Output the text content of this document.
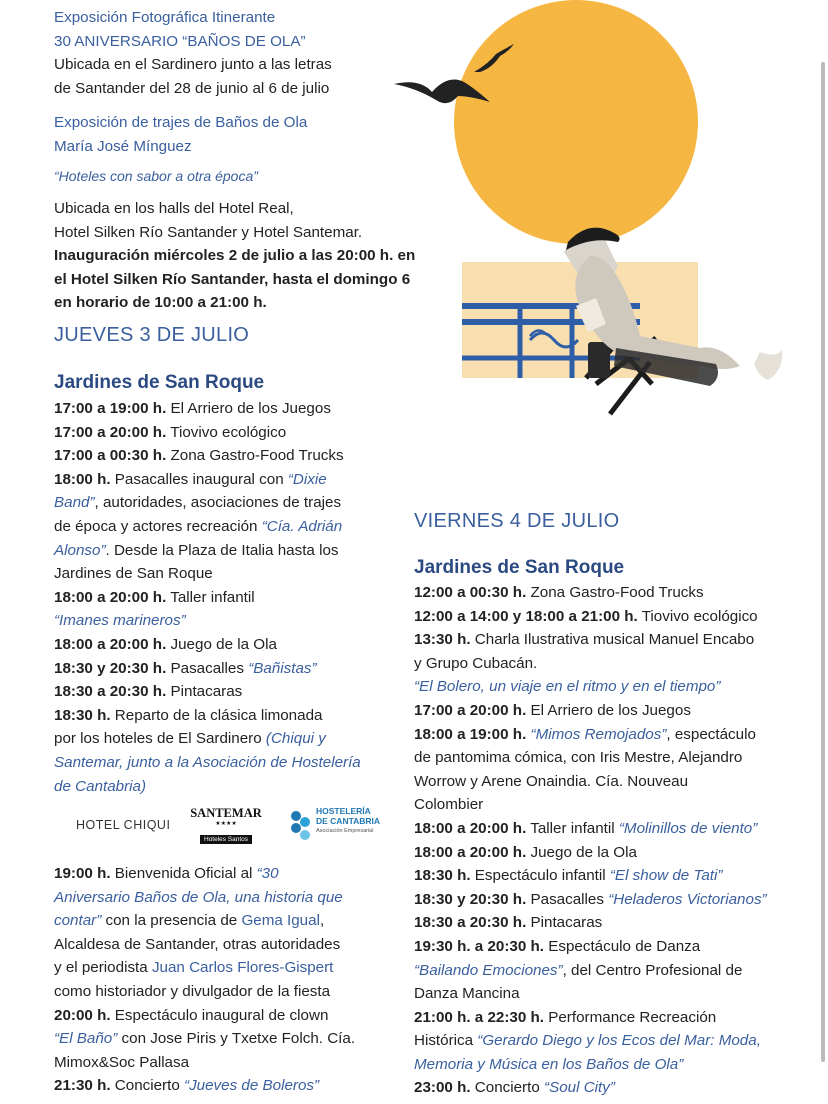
Exposición Fotográfica Itinerante
30 ANIVERSARIO “BAÑOS DE OLA”
Ubicada en el Sardinero junto a las letras
de Santander del 28 de junio al 6 de julio
Exposición de trajes de Baños de Ola
María José Mínguez
“Hoteles con sabor a otra época”
Ubicada en los halls del Hotel Real,
Hotel Silken Río Santander y Hotel Santemar.
Inauguración miércoles 2 de julio a las 20:00 h. en
el Hotel Silken Río Santander, hasta el domingo 6
en horario de 10:00 a 21:00 h.
JUEVES 3 DE JULIO
Jardines de San Roque
17:00 a 19:00 h. El Arriero de los Juegos
17:00 a 20:00 h. Tiovivo ecológico
17:00 a 00:30 h. Zona Gastro-Food Trucks
18:00 h. Pasacalles inaugural con “Dixie
Band”, autoridades, asociaciones de trajes
de época y actores recreación “Cía. Adrián
Alonso”. Desde la Plaza de Italia hasta los
Jardines de San Roque
18:00 a 20:00 h. Taller infantil
“Imanes marineros”
18:00 a 20:00 h. Juego de la Ola
18:30 y 20:30 h. Pasacalles “Bañistas”
18:30 a 20:30 h. Pintacaras
18:30 h. Reparto de la clásica limonada
por los hoteles de El Sardinero (Chiqui y
Santemar, junto a la Asociación de Hostelería
de Cantabria)
HOTEL CHIQUI
SANTEMAR
★★★★
Hoteles Santos
HOSTELERÍA
DE CANTABRIA
Asociación Empresarial
19:00 h. Bienvenida Oficial al “30
Aniversario Baños de Ola, una historia que
contar” con la presencia de Gema Igual,
Alcaldesa de Santander, otras autoridades
y el periodista Juan Carlos Flores-Gispert
como historiador y divulgador de la fiesta
20:00 h. Espectáculo inaugural de clown
“El Baño” con Jose Piris y Txetxe Folch. Cía.
Mimox&Soc Pallasa
21:30 h. Concierto “Jueves de Boleros”
VIERNES 4 DE JULIO
Jardines de San Roque
12:00 a 00:30 h. Zona Gastro-Food Trucks
12:00 a 14:00 y 18:00 a 21:00 h. Tiovivo ecológico
13:30 h. Charla Ilustrativa musical Manuel Encabo
y Grupo Cubacán.
“El Bolero, un viaje en el ritmo y en el tiempo”
17:00 a 20:00 h. El Arriero de los Juegos
18:00 a 19:00 h. “Mimos Remojados”, espectáculo
de pantomima cómica, con Iris Mestre, Alejandro
Worrow y Arene Onaindia. Cía. Nouveau
Colombier
18:00 a 20:00 h. Taller infantil “Molinillos de viento”
18:00 a 20:00 h. Juego de la Ola
18:30 h. Espectáculo infantil “El show de Tati”
18:30 y 20:30 h. Pasacalles “Heladeros Victorianos”
18:30 a 20:30 h. Pintacaras
19:30 h. a 20:30 h. Espectáculo de Danza
“Bailando Emociones”, del Centro Profesional de
Danza Mancina
21:00 h. a 22:30 h. Performance Recreación
Histórica “Gerardo Diego y los Ecos del Mar: Moda,
Memoria y Música en los Baños de Ola”
23:00 h. Concierto “Soul City”
